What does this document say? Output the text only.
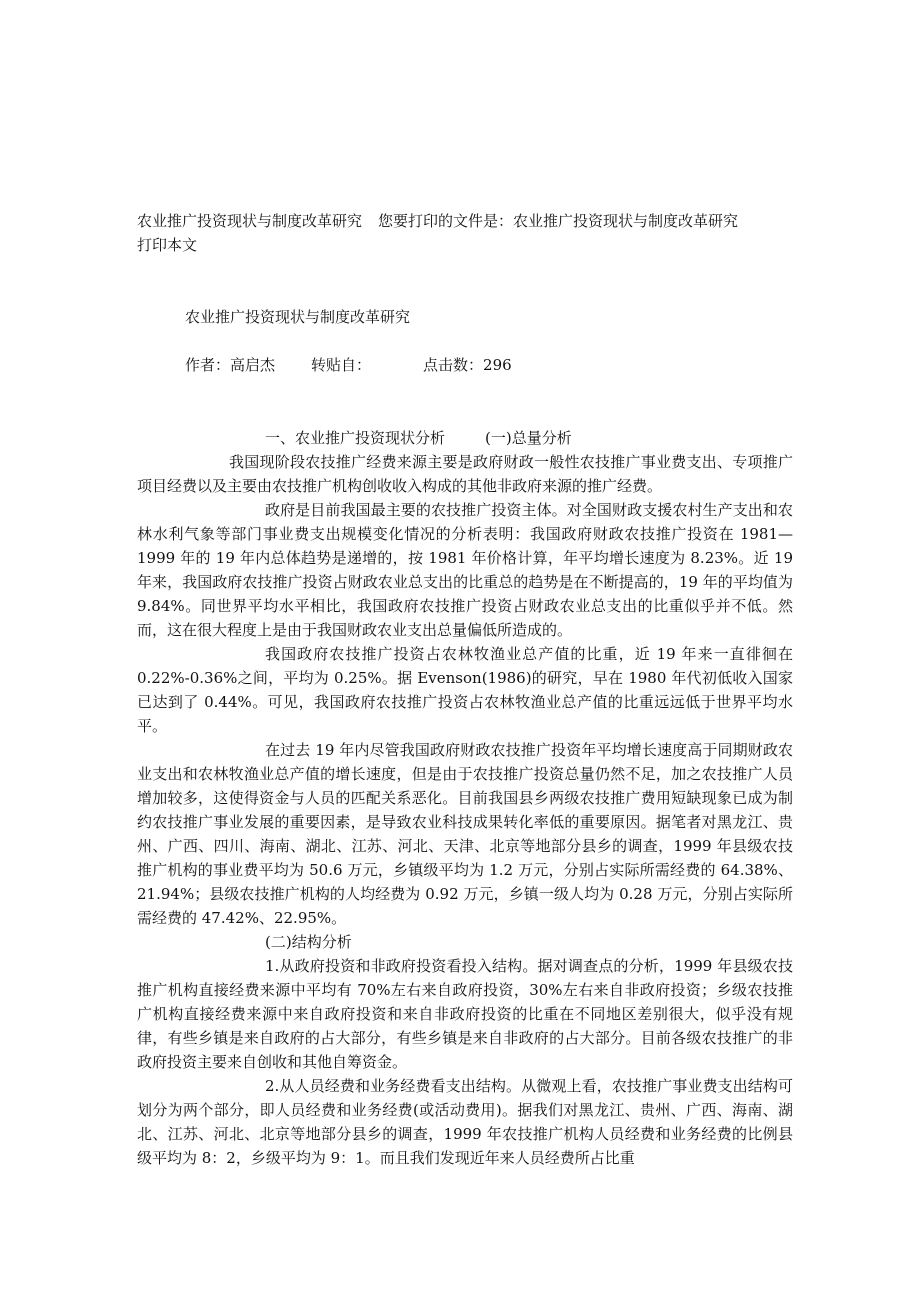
农业推广投资现状与制度改革研究 您要打印的文件是：农业推广投资现状与制度改革研究
打印本文
农业推广投资现状与制度改革研究
作者：高启杰 转贴自：	点击数：296

一、农业推广投资现状分析	(一)总量分析

我国现阶段农技推广经费来源主要是政府财政一般性农技推广事业费支出、专项推广项目经费以及主要由农技推广机构创收收入构成的其他非政府来源的推广经费。

政府是目前我国最主要的农技推广投资主体。对全国财政支援农村生产支出和农林水利气象等部门事业费支出规模变化情况的分析表明：我国政府财政农技推广投资在 1981—1999 年的 19 年内总体趋势是递增的，按 1981 年价格计算，年平均增长速度为 8.23%。近 19 年来，我国政府农技推广投资占财政农业总支出的比重总的趋势是在不断提高的，19 年的平均值为 9.84%。同世界平均水平相比，我国政府农技推广投资占财政农业总支出的比重似乎并不低。然而，这在很大程度上是由于我国财政农业支出总量偏低所造成的。

我国政府农技推广投资占农林牧渔业总产值的比重，近 19 年来一直徘徊在 0.22%-0.36%之间，平均为 0.25%。据 Evenson(1986)的研究，早在 1980 年代初低收入国家已达到了 0.44%。可见，我国政府农技推广投资占农林牧渔业总产值的比重远远低于世界平均水平。

在过去 19 年内尽管我国政府财政农技推广投资年平均增长速度高于同期财政农业支出和农林牧渔业总产值的增长速度，但是由于农技推广投资总量仍然不足，加之农技推广人员增加较多，这使得资金与人员的匹配关系恶化。目前我国县乡两级农技推广费用短缺现象已成为制约农技推广事业发展的重要因素，是导致农业科技成果转化率低的重要原因。据笔者对黑龙江、贵州、广西、四川、海南、湖北、江苏、河北、天津、北京等地部分县乡的调查，1999 年县级农技推广机构的事业费平均为 50.6 万元，乡镇级平均为 1.2 万元，分别占实际所需经费的 64.38%、21.94%；县级农技推广机构的人均经费为 0.92 万元，乡镇一级人均为 0.28 万元，分别占实际所需经费的 47.42%、22.95%。

(二)结构分析

1.从政府投资和非政府投资看投入结构。据对调查点的分析，1999 年县级农技推广机构直接经费来源中平均有 70%左右来自政府投资，30%左右来自非政府投资；乡级农技推广机构直接经费来源中来自政府投资和来自非政府投资的比重在不同地区差别很大，似乎没有规律，有些乡镇是来自政府的占大部分，有些乡镇是来自非政府的占大部分。目前各级农技推广的非政府投资主要来自创收和其他自筹资金。

2.从人员经费和业务经费看支出结构。从微观上看，农技推广事业费支出结构可划分为两个部分，即人员经费和业务经费(或活动费用)。据我们对黑龙江、贵州、广西、海南、湖北、江苏、河北、北京等地部分县乡的调查，1999 年农技推广机构人员经费和业务经费的比例县级平均为 8：2，乡级平均为 9：1。而且我们发现近年来人员经费所占比重
